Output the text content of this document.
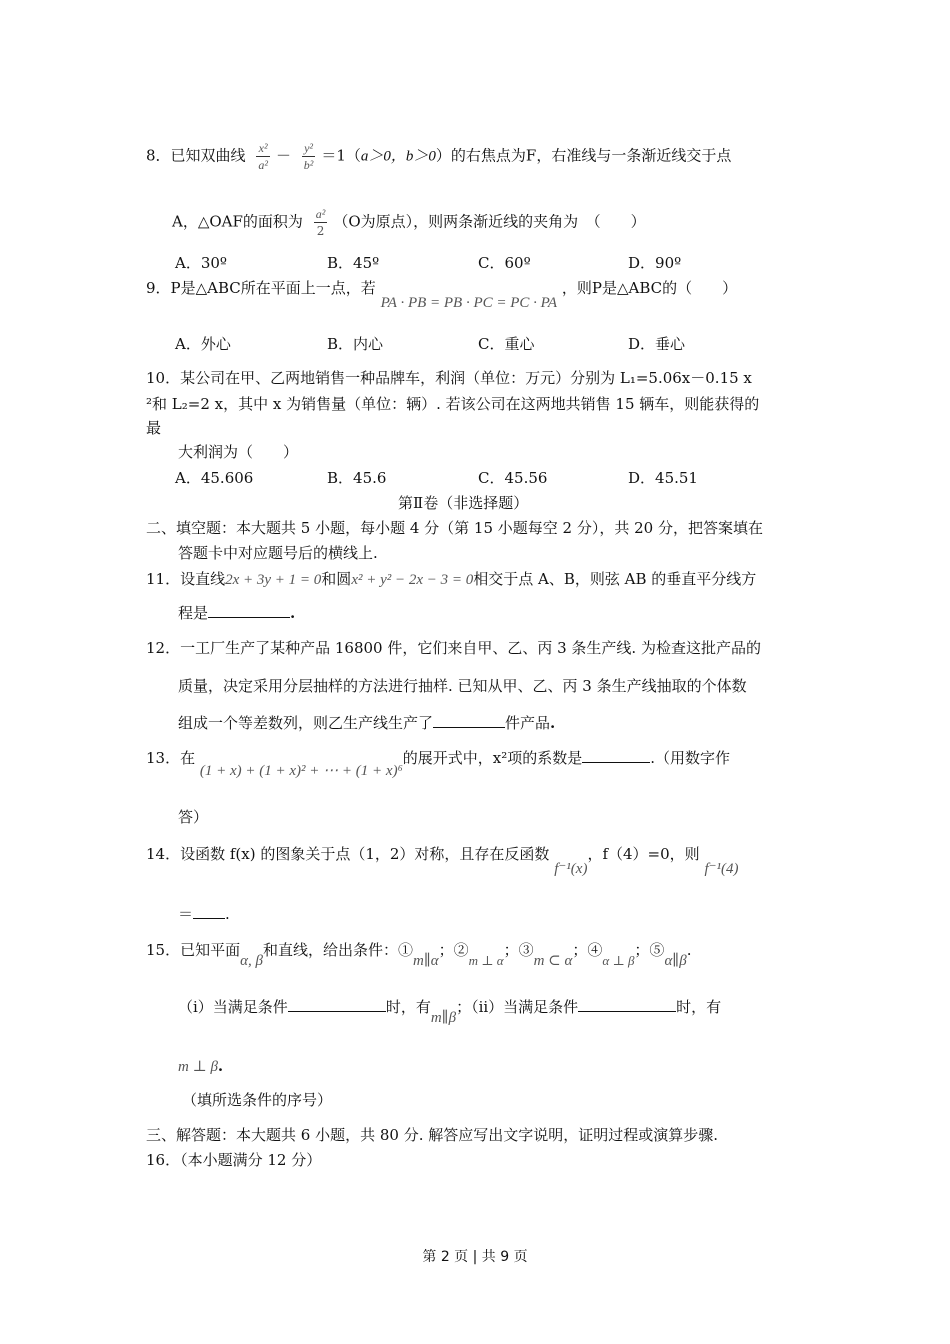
8．已知双曲线 $\frac{\text{x²}}{\text{a²}} - \frac{\text{y²}}{\text{b²}} =1(a>0$，b＞0）的右焦点为F，右准线与一条渐近线交于点
A，△OAF的面积为 $\frac{\text{a²}}{2} (O$为原点），则两条渐近线的夹角为　（　　）
A．30º	B．45º	C．60º	D．90º
9．P是△ABC所在平面上一点，若 PA · PB = PB · PC = PC · PA ，则P是△ABC的（　　）
A．外心	B．内心	C．重心	D．垂心
10．某公司在甲、乙两地销售一种品牌车，利润（单位：万元）分别为 L₁=5.06x－0.15 x
²和 L₂=2 x，其中 x 为销售量（单位：辆）. 若该公司在这两地共销售 15 辆车，则能获得的
最
大利润为（　　）
A．45.606	B．45.6	C．45.56	D．45.51
第Ⅱ卷（非选择题）
二、填空题：本大题共 5 小题，每小题 4 分（第 15 小题每空 2 分），共 20 分，把答案填在
答题卡中对应题号后的横线上.
11．设直线2x + 3y + 1 = 0和圆x² + y² − 2x − 3 = 0相交于点 A、B，则弦 AB 的垂直平分线方
程是	.
12．一工厂生产了某种产品 16800 件，它们来自甲、乙、丙 3 条生产线. 为检查这批产品的
质量，决定采用分层抽样的方法进行抽样. 已知从甲、乙、丙 3 条生产线抽取的个体数
组成一个等差数列，则乙生产线生产了	件产品.
13．在 (1 + x) + (1 + x)² + ⋯ + (1 + x)⁶的展开式中，x²项的系数是	.（用数字作
答）
14．设函数 f(x) 的图象关于点（1，2）对称，且存在反函数 f⁻¹(x)，f（4）=0，则 f⁻¹(4)
＝ .
15．已知平面α, β和直线，给出条件：①m∥α；②m ⊥ α；③m ⊂ α；④α ⊥ β；⑤α∥β.
（i）当满足条件	时，有m∥β；（ii）当满足条件	时，有
m ⊥ β.
（填所选条件的序号）
三、解答题：本大题共 6 小题，共 80 分. 解答应写出文字说明，证明过程或演算步骤.
16．（本小题满分 12 分）
第 2 页 | 共 9 页
